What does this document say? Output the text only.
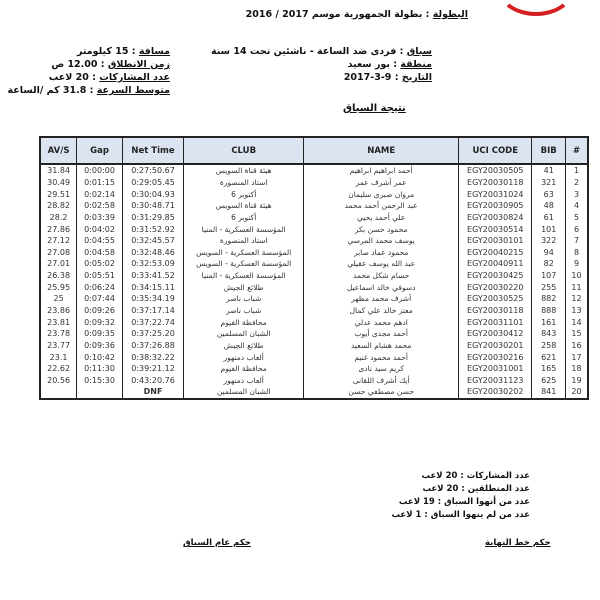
البطولة : بطولة الجمهورية موسم 2016 / 2017
سباق : فردى ضد الساعة - ناشئين تحت 14 سنة
منطقة : بور سعيد
التاريخ : 9-3-2017
مسافة : 15 كيلومتر
زمن الانطلاق : 12.00 ص
عدد المشاركات : 20 لاعب
متوسط السرعة : 31.8 كم /الساعة
نتيجة السباق
AV/S	Gap	Net Time	CLUB	NAME	UCI CODE	BIB	#
31.84	0:00:00	0:27:50.67	هيئة قناة السويس	أحمد ابراهيم ابراهيم	EGY20030505	41	1
30.49	0:01:15	0:29:05.45	استاد المنصورة	عمر أشرف عمر	EGY20030118	321	2
29.51	0:02:14	0:30:04.93	أكتوبر 6	مروان صبرى سليمان	EGY20031024	63	3
28.82	0:02:58	0:30:48.71	هيئة قناة السويس	عبد الرحمن أحمد محمد	EGY20030905	48	4
28.2	0:03:39	0:31:29.85	أكتوبر 6	علي أحمد يحيي	EGY20030824	61	5
27.86	0:04:02	0:31:52.92	المؤسسة العسكرية - المنيا	محمود حسن بكر	EGY20030514	101	6
27.12	0:04:55	0:32:45.57	استاد المنصورة	يوسف محمد المرسي	EGY20030101	322	7
27.08	0:04:58	0:32:48.46	المؤسسة العسكرية - السويس	محمود عماد صابر	EGY20040215	94	8
27.01	0:05:02	0:32:53.09	المؤسسة العسكرية - السويس	عبد الله يوسف عقيلي	EGY20040911	82	9
26.38	0:05:51	0:33:41.52	المؤسسة العسكرية - المنيا	حسام شكل محمد	EGY20030425	107	10
25.95	0:06:24	0:34:15.11	طلائع الجيش	دسوقي خالد اسماعيل	EGY20030220	255	11
25	0:07:44	0:35:34.19	شباب ناصر	أشرف محمد مظهر	EGY20030525	882	12
23.86	0:09:26	0:37:17.14	شباب ناصر	معتز خالد علي كمال	EGY20030118	888	13
23.81	0:09:32	0:37:22.74	محافظة الفيوم	ادهم محمد عدلي	EGY20031101	161	14
23.78	0:09:35	0:37:25.20	الشبان المسلمين	أحمد مجدى أيوب	EGY20030412	843	15
23.77	0:09:36	0:37:26.88	طلائع الجيش	محمد هشام السعيد	EGY20030201	258	16
23.1	0:10:42	0:38:32.22	ألعاب دمنهور	أحمد محمود غنيم	EGY20030216	621	17
22.62	0:11:30	0:39:21.12	محافظة الفيوم	كريم سيد نادى	EGY20031001	165	18
20.56	0:15:30	0:43:20.76	ألعاب دمنهور	أيك أشرف اللقانى	EGY20031123	625	19
		DNF	الشبان المسلمين	حسن مصطفي حسن	EGY20030202	841	20
عدد المشاركات : 20 لاعب
عدد المنطلقين : 20 لاعب
عدد من أنهوا السباق : 19 لاعب
عدد من لم ينهوا السباق : 1 لاعب
حكم خط النهاية
حكم عام السباق
